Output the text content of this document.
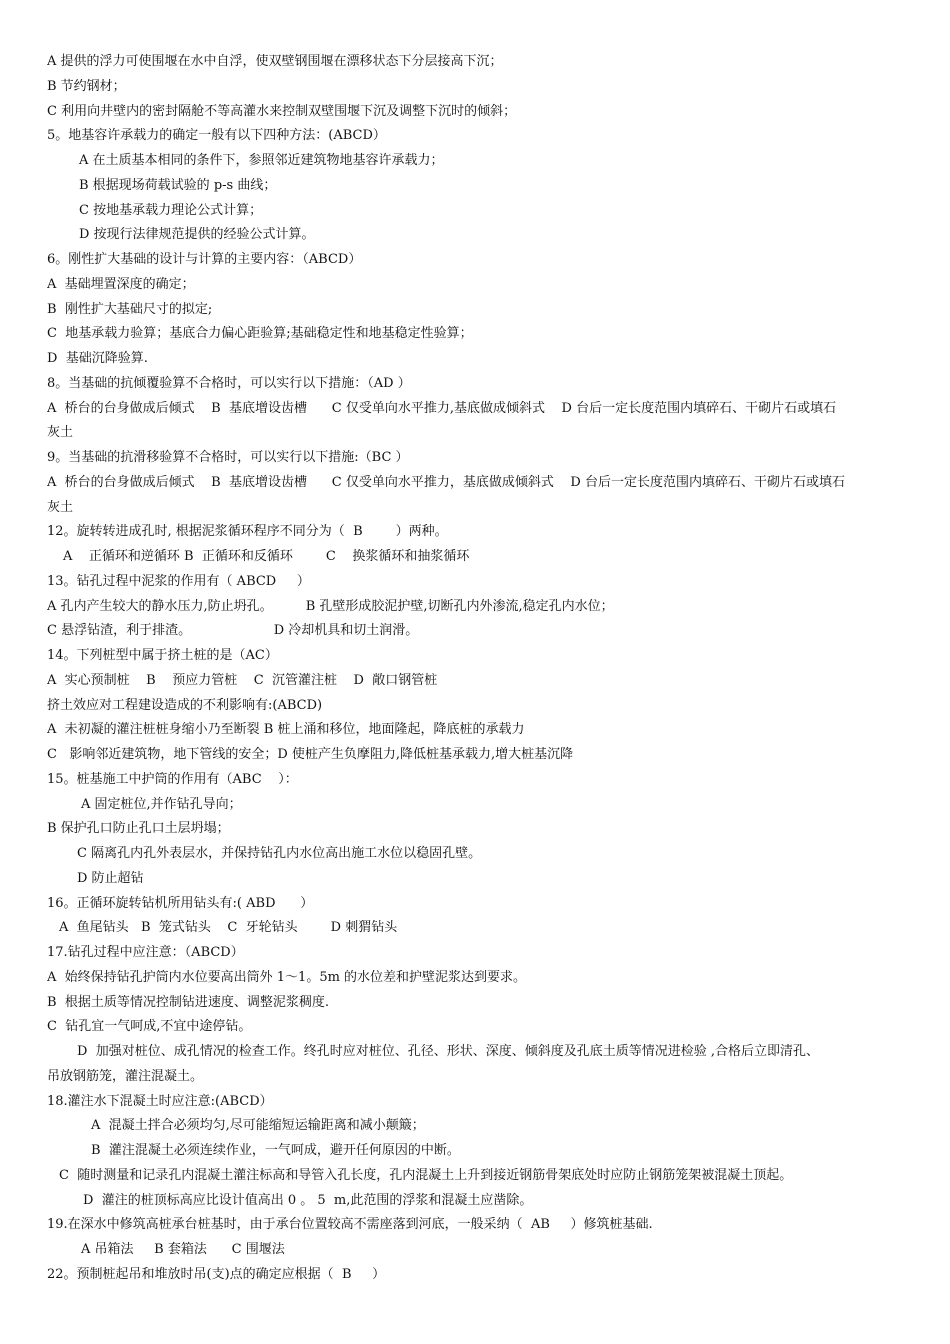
A 提供的浮力可使围堰在水中自浮，使双壁钢围堰在漂移状态下分层接高下沉；
B 节约钢材；
C 利用向井壁内的密封隔舱不等高灌水来控制双壁围堰下沉及调整下沉时的倾斜；
5。地基容许承载力的确定一般有以下四种方法：(ABCD）
A 在土质基本相同的条件下，参照邻近建筑物地基容许承载力；
B 根据现场荷载试验的 p-s 曲线；
C 按地基承载力理论公式计算；
D 按现行法律规范提供的经验公式计算。
6。刚性扩大基础的设计与计算的主要内容：（ABCD）
A  基础埋置深度的确定；
B  刚性扩大基础尺寸的拟定;
C  地基承载力验算；基底合力偏心距验算;基础稳定性和地基稳定性验算；
D  基础沉降验算.
8。当基础的抗倾覆验算不合格时，可以实行以下措施：（AD ）
A  桥台的台身做成后倾式    B  基底增设齿槽      C 仅受单向水平推力,基底做成倾斜式    D 台后一定长度范围内填碎石、干砌片石或填石
灰土
9。当基础的抗滑移验算不合格时，可以实行以下措施:（BC ）
A  桥台的台身做成后倾式    B  基底增设齿槽      C 仅受单向水平推力，基底做成倾斜式    D 台后一定长度范围内填碎石、干砌片石或填石
灰土
12。旋转转进成孔时, 根据泥浆循环程序不同分为（  B        ）两种。
A    正循环和逆循环 B  正循环和反循环        C    换浆循环和抽浆循环
13。钻孔过程中泥浆的作用有（ ABCD     ）
A 孔内产生较大的静水压力,防止坍孔。        B 孔壁形成胶泥护壁,切断孔内外渗流,稳定孔内水位；
C 悬浮钻渣，利于排渣。                    D 冷却机具和切土润滑。
14。下列桩型中属于挤土桩的是（AC）
A  实心预制桩    B    预应力管桩    C  沉管灌注桩    D  敞口钢管桩
挤土效应对工程建设造成的不利影响有:(ABCD)
A  未初凝的灌注桩桩身缩小乃至断裂 B 桩上涌和移位，地面隆起，降底桩的承载力
C   影响邻近建筑物，地下管线的安全；D 使桩产生负摩阻力,降低桩基承载力,增大桩基沉降
15。桩基施工中护筒的作用有（ABC    ）：
A 固定桩位,并作钻孔导向；
B 保护孔口防止孔口土层坍塌；
C 隔离孔内孔外表层水，并保持钻孔内水位高出施工水位以稳固孔壁。
D 防止超钻
16。正循环旋转钻机所用钻头有:( ABD      ）
A  鱼尾钻头   B  笼式钻头    C  牙轮钻头        D 刺猬钻头
17.钻孔过程中应注意：（ABCD）
A  始终保持钻孔护筒内水位要高出筒外 1～1。5m 的水位差和护壁泥浆达到要求。
B  根据土质等情况控制钻进速度、调整泥浆稠度.
C  钻孔宜一气呵成,不宜中途停钻。
D  加强对桩位、成孔情况的检查工作。终孔时应对桩位、孔径、形状、深度、倾斜度及孔底土质等情况进检验 ,合格后立即清孔、
吊放钢筋笼，灌注混凝土。
18.灌注水下混凝土时应注意:(ABCD）
A  混凝土拌合必须均匀,尽可能缩短运输距离和减小颠簸；
B  灌注混凝土必须连续作业，一气呵成，避开任何原因的中断。
C  随时测量和记录孔内混凝土灌注标高和导管入孔长度，孔内混凝土上升到接近钢筋骨架底处时应防止钢筋笼架被混凝土顶起。
D  灌注的桩顶标高应比设计值高出 0 。 5  m,此范围的浮浆和混凝土应凿除。
19.在深水中修筑高桩承台桩基时，由于承台位置较高不需座落到河底，一般采纳（  AB     ）修筑桩基础.
A 吊箱法     B 套箱法      C 围堰法
22。预制桩起吊和堆放时吊(支)点的确定应根据（  B     ）
